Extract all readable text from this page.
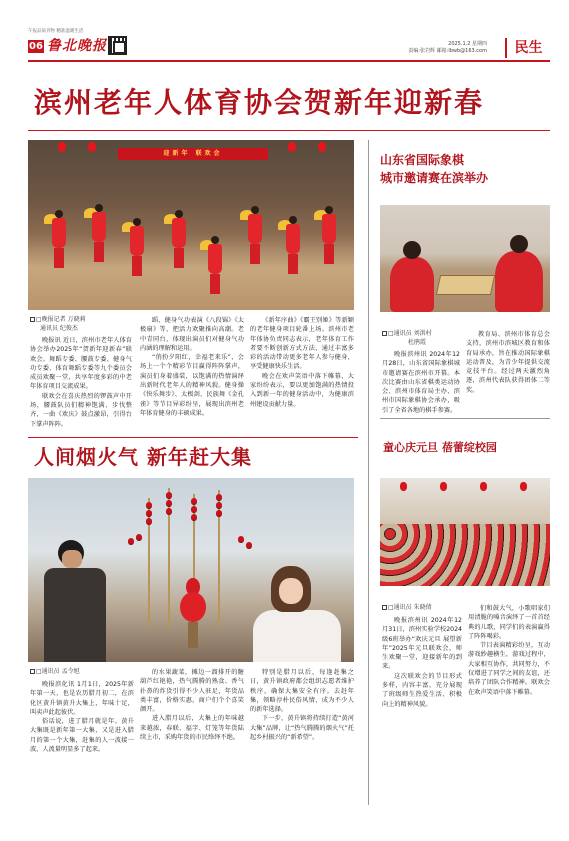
午报品质刊物 精准温暖生活
06 鲁北晚报	2025.1.2 星期四
责编:张岩辉 邮箱:lbwb@163.com	民生
滨州老年人体育协会贺新年迎新春
迎新年 联欢会
□晚报记者 万晓莉
通讯员 纪俊杰

晚报讯 近日，滨州市老年人体育协会举办2025年“贺新年迎新春”联欢会。舞蹈专委、腰鼓专委、健身气功专委、体育舞蹈专委等九个委员会成员欢聚一堂，共享年度多彩的中老年体育项目交流成果。

联欢会在喜庆热烈的锣鼓声中开场，腰鼓队员们精神饱满、步伐整齐，一曲《欢庆》鼓点激昂，引得台下掌声阵阵。

蹈、健身气功表演《八段锦》《太极扇》等，把活力欢聚推向高潮。老中青同台，体现出演员们对健身气功内涵的理解和运用。

“俏扮夕阳红，幸福老来乐”，会场上一个个精彩节目赢得阵阵掌声，演员们身着盛装，以饱满的热情演绎出新时代老年人的精神风貌。健身操《快乐舞步》、太极剑、民族舞《金孔雀》等节目异彩纷呈，展现出滨州老年体育健身的丰硕成果。

《新年序曲》《霸王别姬》等新颖的老年健身项目轮番上场。滨州市老年体协负责同志表示，老年体育工作者要不断创新方式方法，通过丰富多彩的活动带动更多老年人参与健身，享受健康快乐生活。

晚会在欢声笑语中落下帷幕，大家纷纷表示，要以更加饱满的热情投入到新一年的健身活动中，为健康滨州建设贡献力量。

山东省国际象棋
城市邀请赛在滨举办
□通讯员 刘洪村
杜鹃霞

晚报滨州讯 2024年12月28日，山东省国际象棋城市邀请赛在滨州市开幕。本次比赛由山东省棋类运动协会、滨州市体育局主办，滨州市国际象棋协会承办，吸引了全省各地的棋手参赛。

教育局、滨州市体育总会支持，滨州市滨城区教育和体育局承办，旨在推动国际象棋运动普及，为青少年提供交流竞技平台。经过两天激烈角逐，滨州代表队获得团体二等奖。

人间烟火气 新年赶大集
□通讯员 孟令旭

晚报滨化讯 1月1日，2025年新年第一天，也是农历腊月初二，在滨化区黄升镇黄升大集上，年味十足，叫卖声此起彼伏。

俗话说，进了腊月就是年。黄升大集既是新年第一大集，又是进入腊月的第一个大集，赶集的人一波接一波，人流量明显多了起来。

的水果蔬菜，摊边一溜排开的糖葫芦红艳艳，热气腾腾的熟食、香气扑鼻的炸货引得不少人驻足，年货品类丰富，价格实惠，商户们个个喜笑颜开。

进入腊月以后，大集上的年味越来越浓，春联、福字、灯笼等年货陆续上市，采购年货的市民络绎不绝。

特别是腊月以后，每逢赶集之日，黄升镇政府都会组织志愿者维护秩序，确保大集安全有序。去赶年集，领略淳朴民俗风情，成为不少人的新年选择。

下一步，黄升镇将持续打造“黄河大集”品牌，让“热气腾腾的烟火气”托起乡村振兴的“新希望”。

童心庆元旦 蓓蕾绽校园
□通讯员 朱晓倩

晚报滨州讯 2024年12月31日，滨州实验学校2024级6班举办“欢庆元旦 展望新年”2025年元旦联欢会，师生欢聚一堂，迎接新年的到来。

这次联欢会的节目形式多样，内容丰富，充分展现了班级师生热爱生活、积极向上的精神风貌。

们和鼓大气，小歌唱家们用清脆的嗓音演绎了一首首经典的儿歌，同学们的表演赢得了阵阵喝彩。

节目表演精彩纷呈，互动游戏妙趣横生，游戏过程中，大家相互协作，共同努力，不仅增进了同学之间的友谊，还培养了团队合作精神。联欢会在欢声笑语中落下帷幕。
